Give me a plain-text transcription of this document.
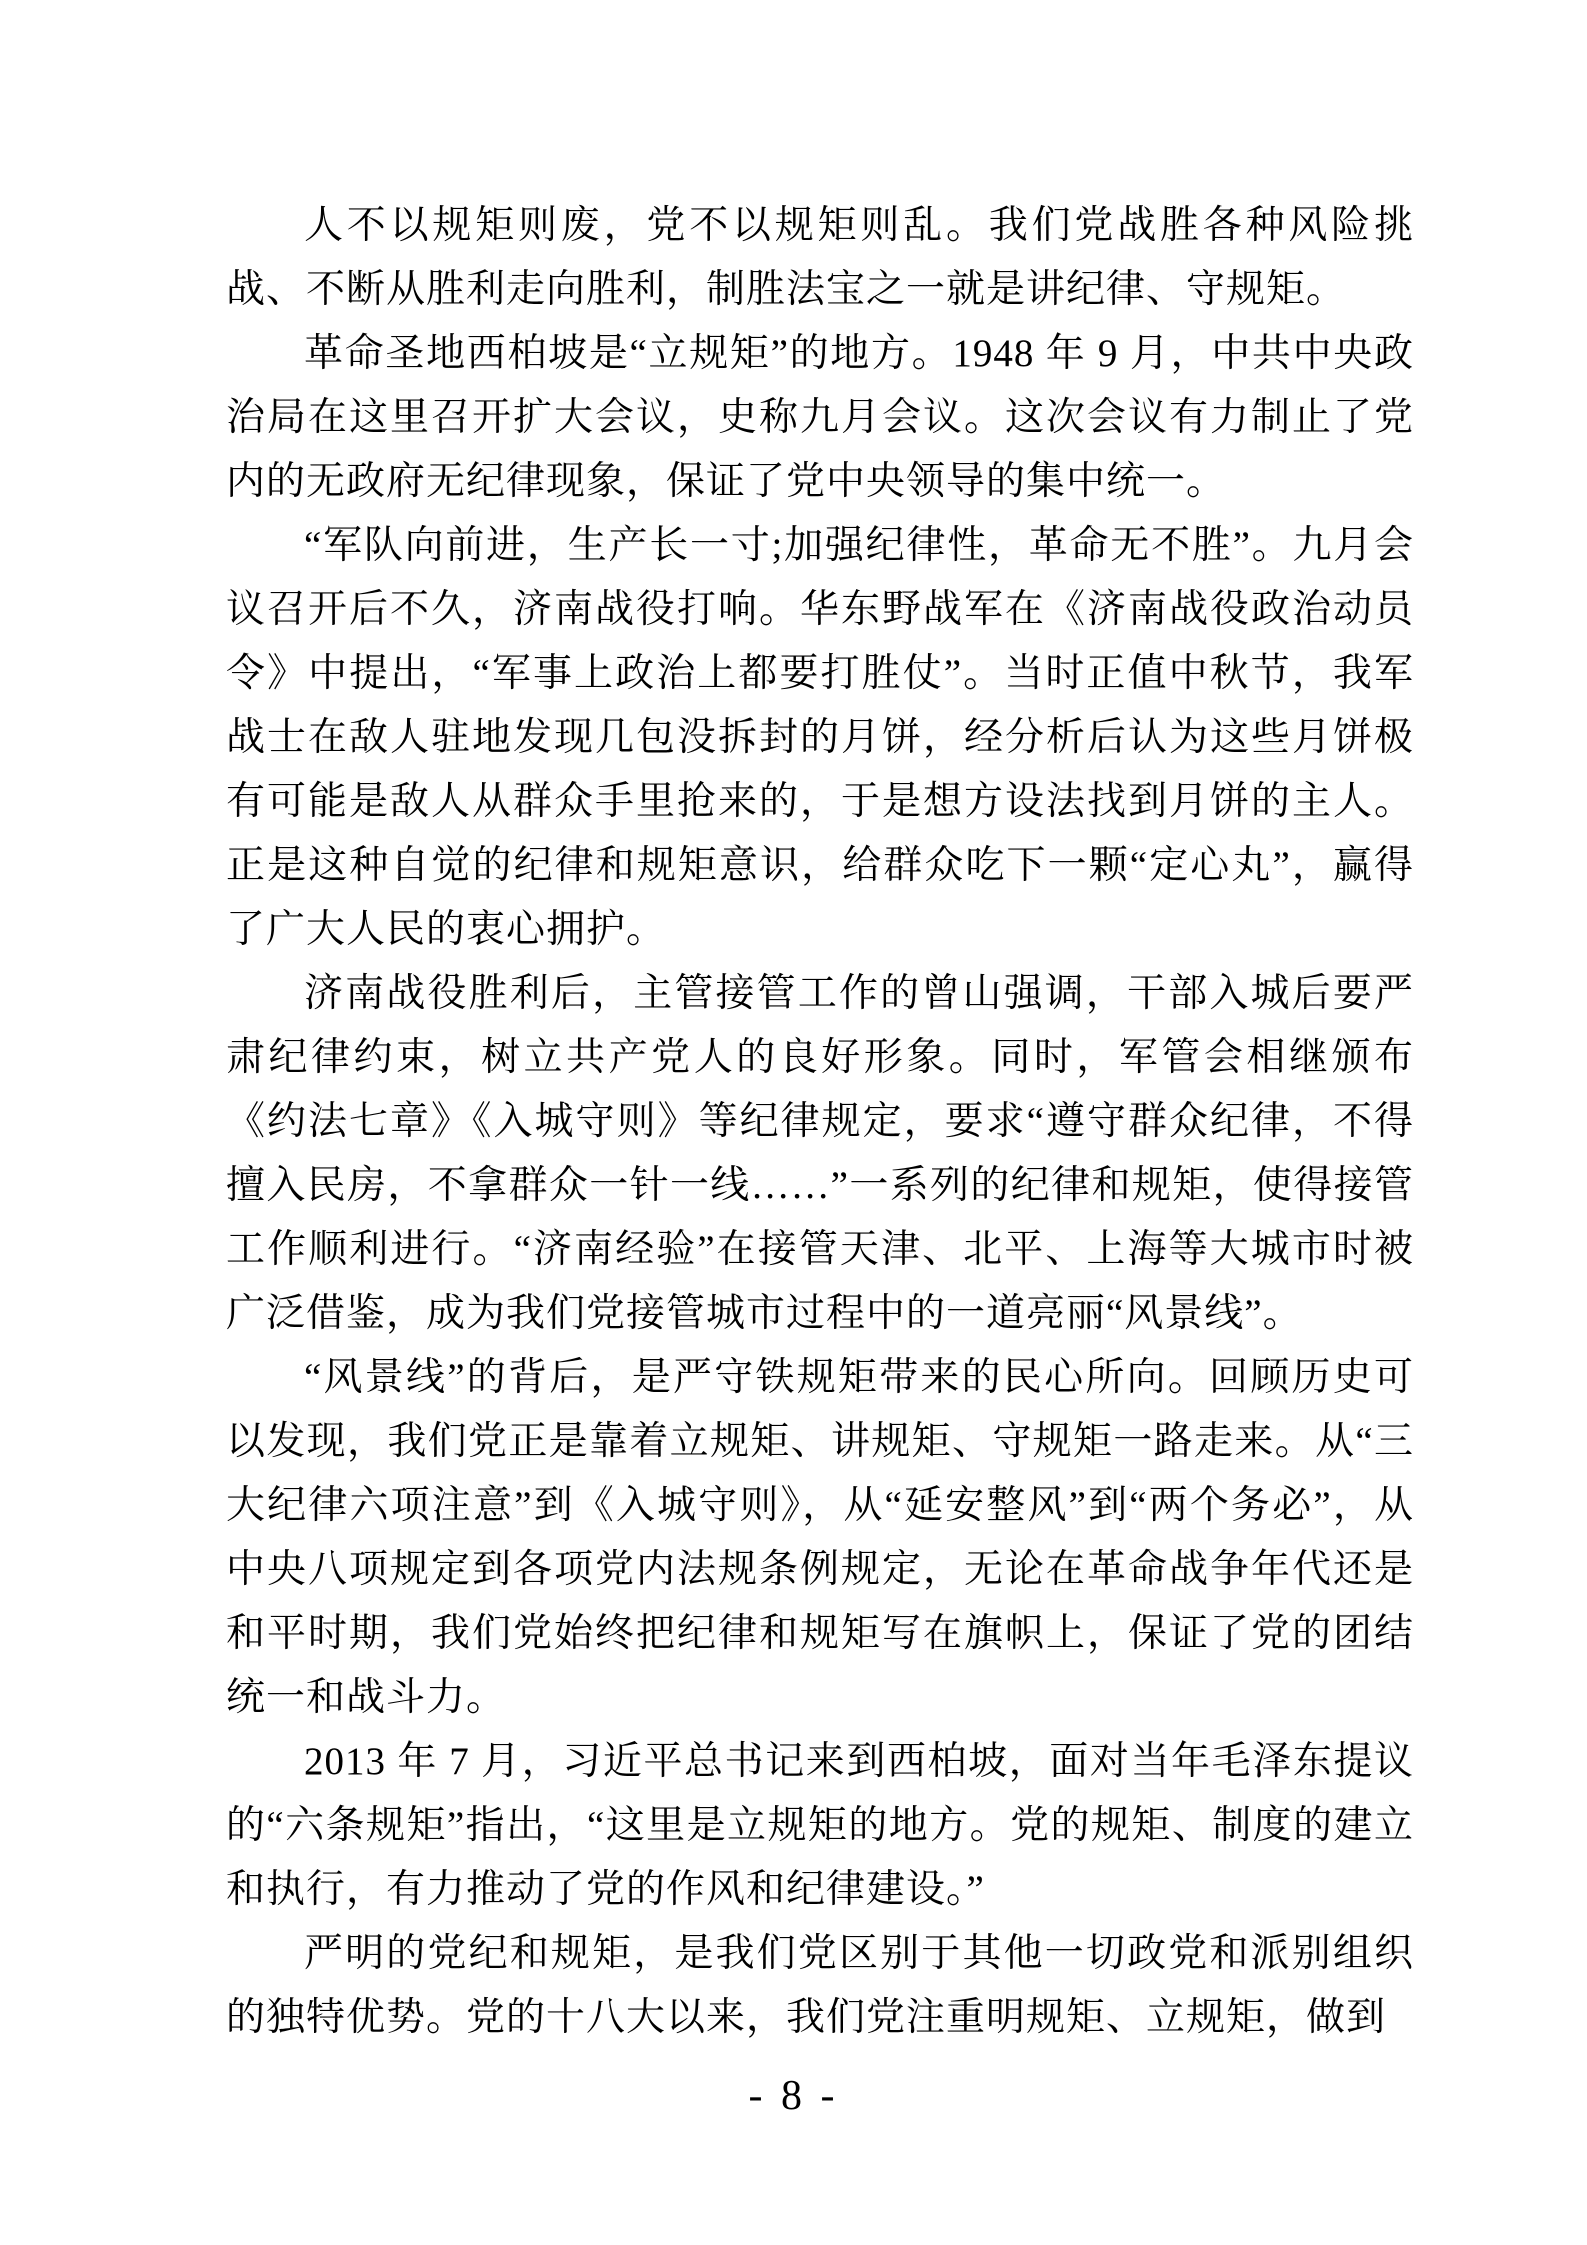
人不以规矩则废，党不以规矩则乱。我们党战胜各种风险挑战、不断从胜利走向胜利，制胜法宝之一就是讲纪律、守规矩。

革命圣地西柏坡是“立规矩”的地方。1948 年 9 月，中共中央政治局在这里召开扩大会议，史称九月会议。这次会议有力制止了党内的无政府无纪律现象，保证了党中央领导的集中统一。

“军队向前进，生产长一寸;加强纪律性，革命无不胜”。九月会议召开后不久，济南战役打响。华东野战军在《济南战役政治动员令》中提出，“军事上政治上都要打胜仗”。当时正值中秋节，我军战士在敌人驻地发现几包没拆封的月饼，经分析后认为这些月饼极有可能是敌人从群众手里抢来的，于是想方设法找到月饼的主人。正是这种自觉的纪律和规矩意识，给群众吃下一颗“定心丸”，赢得了广大人民的衷心拥护。

济南战役胜利后，主管接管工作的曾山强调，干部入城后要严肃纪律约束，树立共产党人的良好形象。同时，军管会相继颁布《约法七章》《入城守则》等纪律规定，要求“遵守群众纪律，不得擅入民房，不拿群众一针一线……”一系列的纪律和规矩，使得接管工作顺利进行。“济南经验”在接管天津、北平、上海等大城市时被广泛借鉴，成为我们党接管城市过程中的一道亮丽“风景线”。

“风景线”的背后，是严守铁规矩带来的民心所向。回顾历史可以发现，我们党正是靠着立规矩、讲规矩、守规矩一路走来。从“三大纪律六项注意”到《入城守则》，从“延安整风”到“两个务必”，从中央八项规定到各项党内法规条例规定，无论在革命战争年代还是和平时期，我们党始终把纪律和规矩写在旗帜上，保证了党的团结统一和战斗力。

2013 年 7 月，习近平总书记来到西柏坡，面对当年毛泽东提议的“六条规矩”指出，“这里是立规矩的地方。党的规矩、制度的建立和执行，有力推动了党的作风和纪律建设。”

严明的党纪和规矩，是我们党区别于其他一切政党和派别组织的独特优势。党的十八大以来，我们党注重明规矩、立规矩，做到

- 8 -
